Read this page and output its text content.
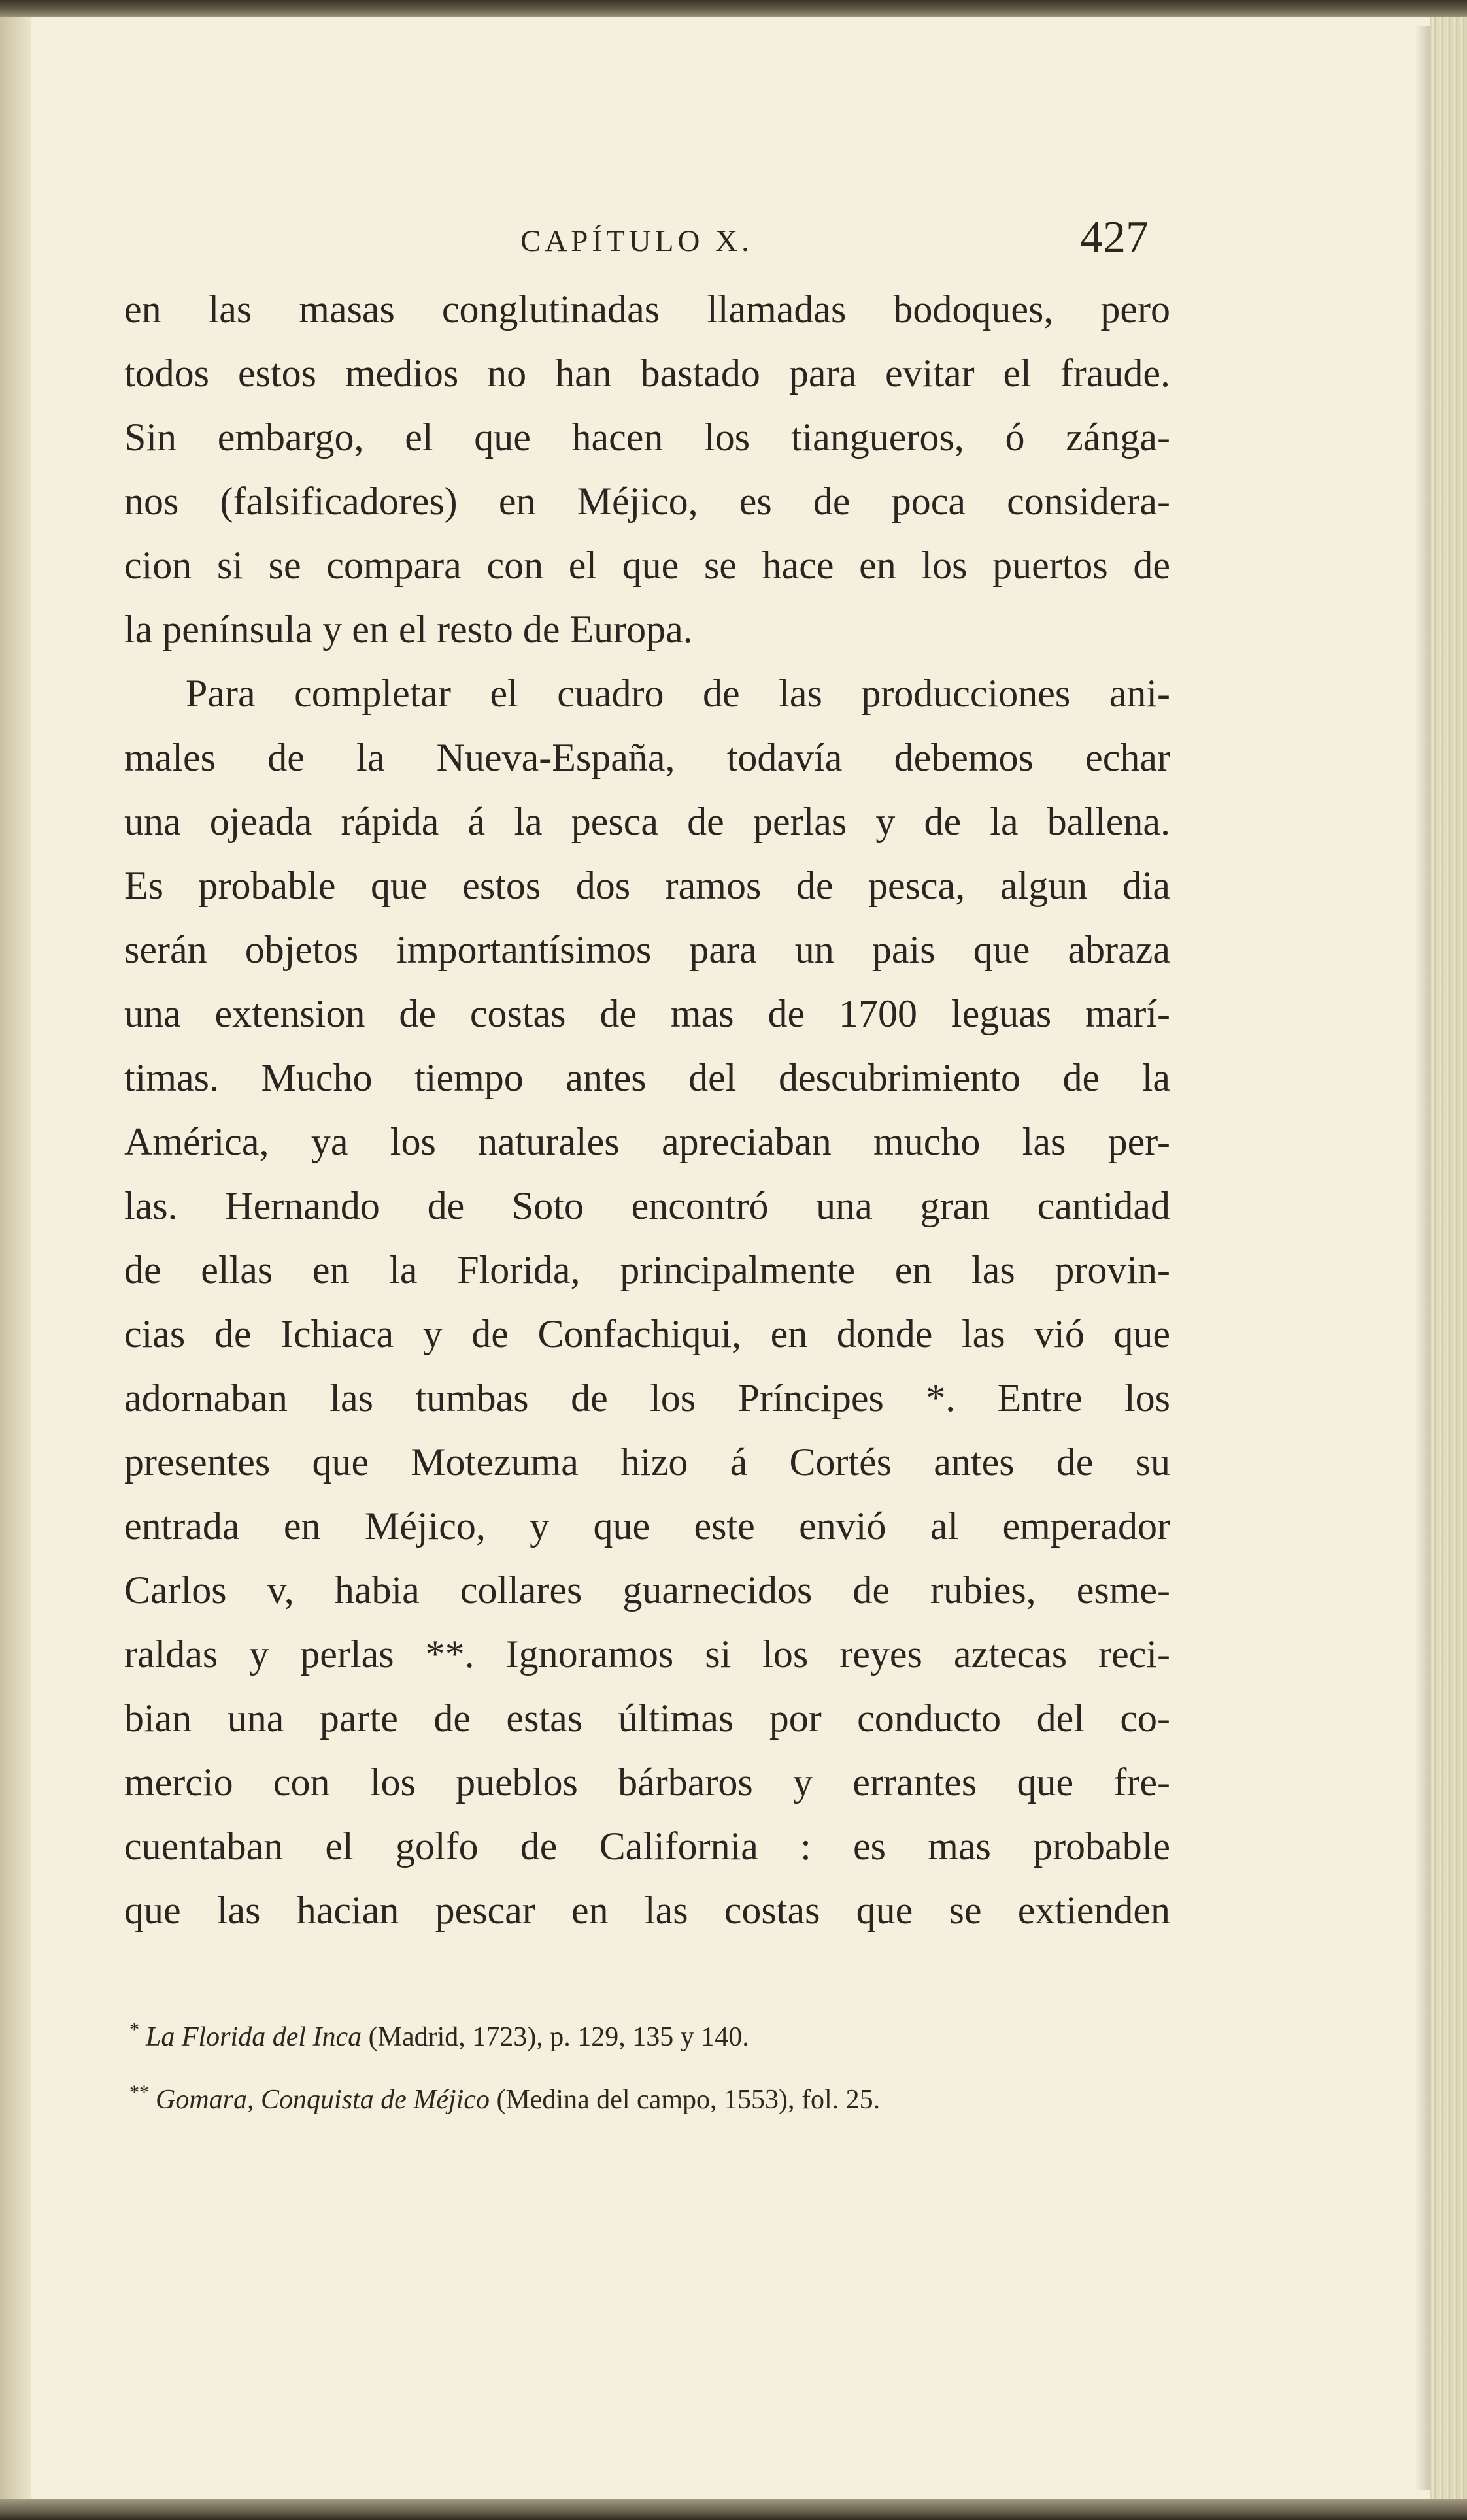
CAPÍTULO X.	427
en las masas conglutinadas llamadas bodoques, pero
todos estos medios no han bastado para evitar el fraude.
Sin embargo, el que hacen los tiangueros, ó zánga-
nos (falsificadores) en Méjico, es de poca considera-
cion si se compara con el que se hace en los puertos de
la península y en el resto de Europa.
Para completar el cuadro de las producciones ani-
males de la Nueva-España, todavía debemos echar
una ojeada rápida á la pesca de perlas y de la ballena.
Es probable que estos dos ramos de pesca, algun dia
serán objetos importantísimos para un pais que abraza
una extension de costas de mas de 1700 leguas marí-
timas. Mucho tiempo antes del descubrimiento de la
América, ya los naturales apreciaban mucho las per-
las. Hernando de Soto encontró una gran cantidad
de ellas en la Florida, principalmente en las provin-
cias de Ichiaca y de Confachiqui, en donde las vió que
adornaban las tumbas de los Príncipes *. Entre los
presentes que Motezuma hizo á Cortés antes de su
entrada en Méjico, y que este envió al emperador
Carlos v, habia collares guarnecidos de rubies, esme-
raldas y perlas **. Ignoramos si los reyes aztecas reci-
bian una parte de estas últimas por conducto del co-
mercio con los pueblos bárbaros y errantes que fre-
cuentaban el golfo de California : es mas probable
que las hacian pescar en las costas que se extienden
* La Florida del Inca (Madrid, 1723), p. 129, 135 y 140.
** Gomara, Conquista de Méjico (Medina del campo, 1553), fol. 25.
